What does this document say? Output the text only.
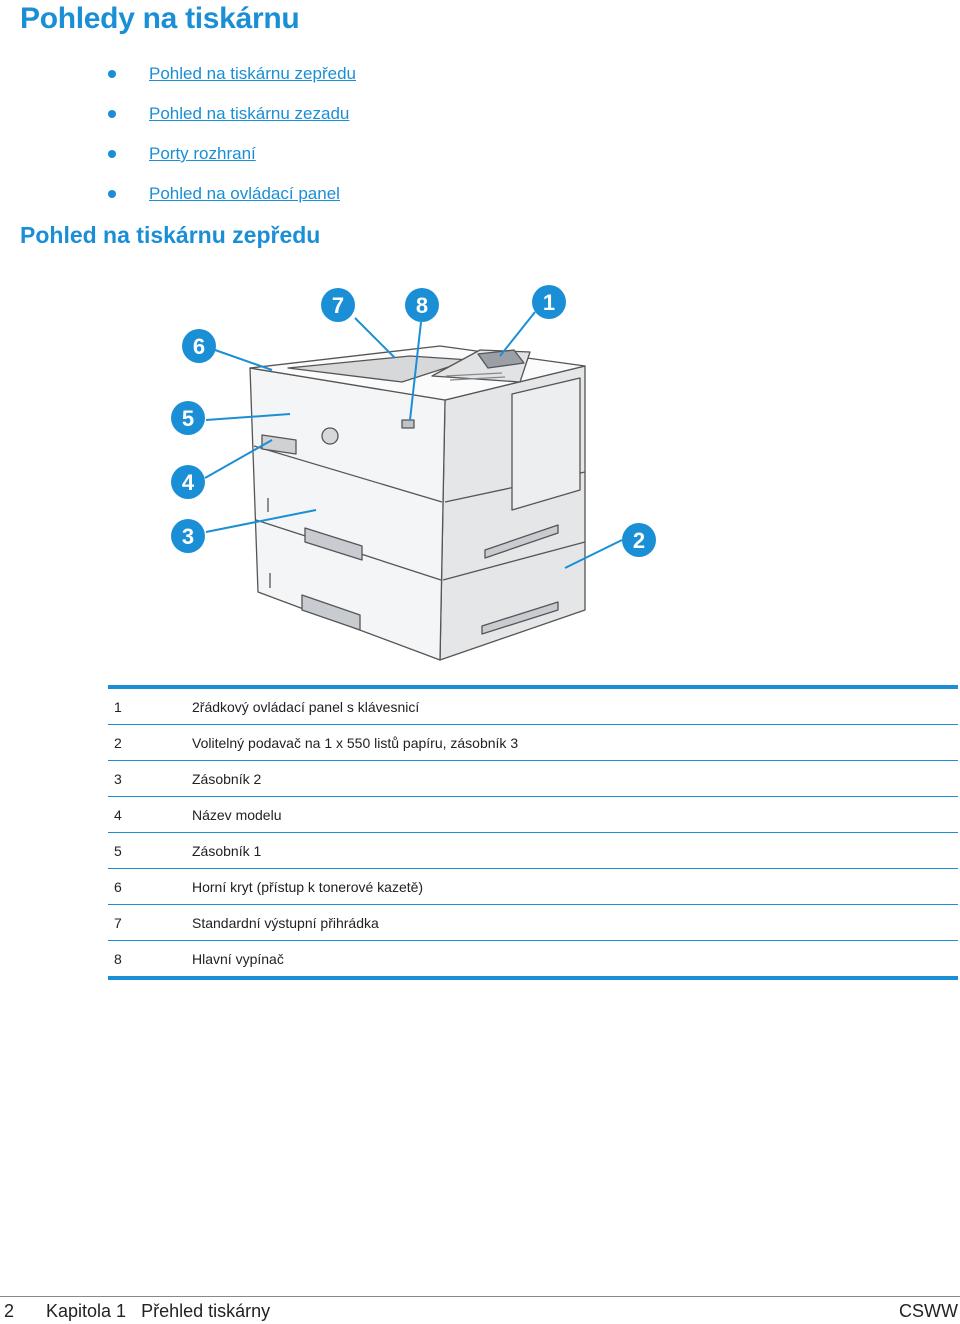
Pohledy na tiskárnu
Pohled na tiskárnu zepředu
Pohled na tiskárnu zezadu
Porty rozhraní
Pohled na ovládací panel
Pohled na tiskárnu zepředu
6
5
4
3
7	8	1
2
1	2řádkový ovládací panel s klávesnicí
2	Volitelný podavač na 1 x 550 listů papíru, zásobník 3
3	Zásobník 2
4	Název modelu
5	Zásobník 1
6	Horní kryt (přístup k tonerové kazetě)
7	Standardní výstupní přihrádka
8	Hlavní vypínač
2 Kapitola 1   Přehled tiskárny	CSWW
